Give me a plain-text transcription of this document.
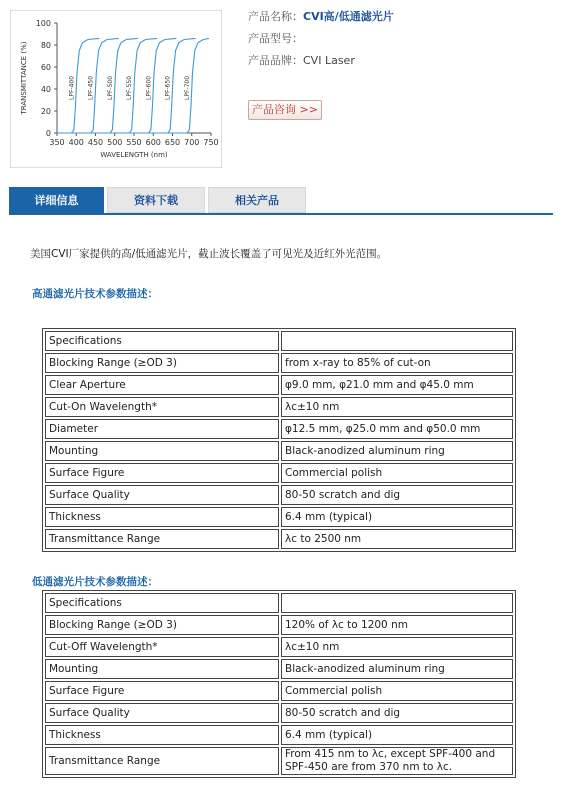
0
20
40
60
80
100
350 400 450 500 550 600 650 700 750
WAVELENGTH (nm)
TRANSMITTANCE (%)	LPF-400 LPF-450 LPF-500 LPF-550 LPF-600 LPF-650 LPF-700
产品名称：CVI高/低通滤光片
产品型号：
产品品牌：CVI Laser
产品咨询 >>
详细信息	资料下载	相关产品
美国CVI厂家提供的高/低通滤光片，截止波长覆盖了可见光及近红外光范围。
高通滤光片技术参数描述：
Specifications	
Blocking Range (≥OD 3)	from x-ray to 85% of cut-on
Clear Aperture	φ9.0 mm, φ21.0 mm and φ45.0 mm
Cut-On Wavelength*	λc±10 nm
Diameter	φ12.5 mm, φ25.0 mm and φ50.0 mm
Mounting	Black-anodized aluminum ring
Surface Figure	Commercial polish
Surface Quality	80-50 scratch and dig
Thickness	6.4 mm (typical)
Transmittance Range	λc to 2500 nm
低通滤光片技术参数描述：
Specifications	
Blocking Range (≥OD 3)	120% of λc to 1200 nm
Cut-Off Wavelength*	λc±10 nm
Mounting	Black-anodized aluminum ring
Surface Figure	Commercial polish
Surface Quality	80-50 scratch and dig
Thickness	6.4 mm (typical)
Transmittance Range	From 415 nm to λc, except SPF-400 and SPF-450 are from 370 nm to λc.
